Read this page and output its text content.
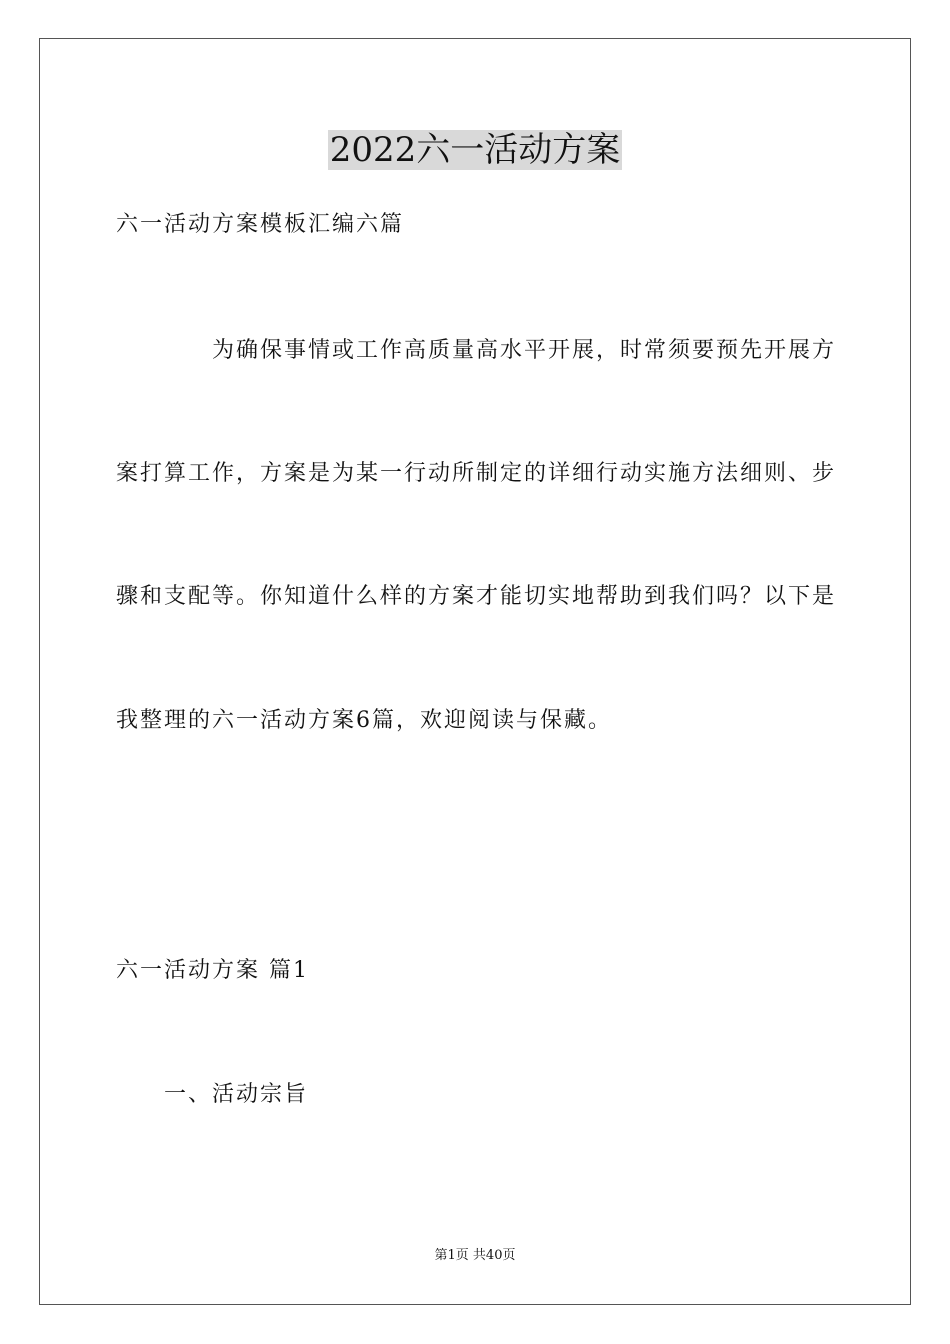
2022六一活动方案

六一活动方案模板汇编六篇

为确保事情或工作高质量高水平开展，时常须要预先开展方

案打算工作，方案是为某一行动所制定的详细行动实施方法细则、步

骤和支配等。你知道什么样的方案才能切实地帮助到我们吗？以下是

我整理的六一活动方案6篇，欢迎阅读与保藏。

六一活动方案 篇1

一、活动宗旨

第1页 共40页
